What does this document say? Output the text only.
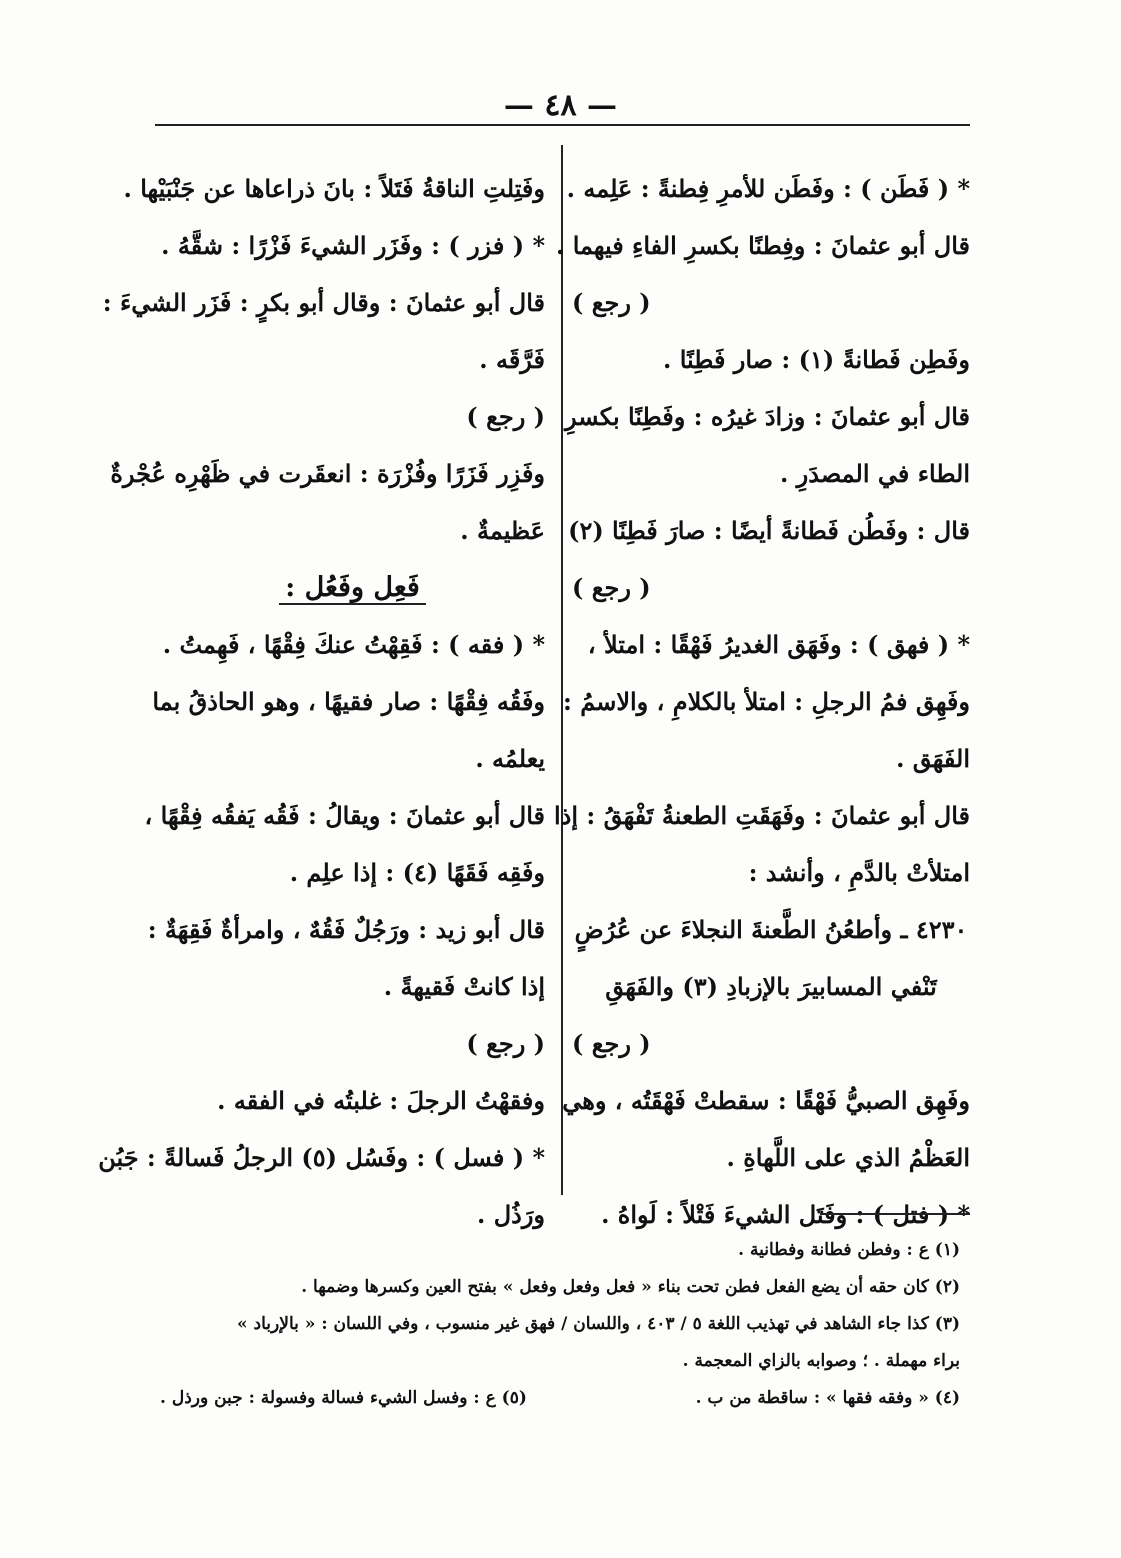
— ٤٨ —
* ( فَطَن ) : وفَطَن للأمرِ فِطنةً : عَلِمه .
قال أبو عثمانَ : وفِطنًا بكسرِ الفاءِ فيهما .
( رجع )
وفَطِن فَطانةً (١) : صار فَطِنًا .
قال أبو عثمانَ : وزادَ غيرُه : وفَطِنًا بكسرِ
الطاء في المصدَرِ .
قال : وفَطُن فَطانةً أيضًا : صارَ فَطِنًا (٢)
( رجع )
* ( فهق ) : وفَهَق الغديرُ فَهْقًا : امتلأ ،
وفَهِق فمُ الرجلِ : امتلأ بالكلامِ ، والاسمُ :
الفَهَق .
قال أبو عثمانَ : وفَهَقَتِ الطعنةُ تَفْهَقُ : إذا
امتلأتْ بالدَّمِ ، وأنشد :
٤٢٣٠ ـ وأطعُنُ الطَّعنةَ النجلاءَ عن عُرُضٍ
تَنْفي المسابيرَ بالإزبادِ (٣) والفَهَقِ
( رجع )
وفَهِق الصبيُّ فَهْقًا : سقطتْ فَهْقَتُه ، وهي
العَظْمُ الذي على اللَّهاةِ .
* ( فتل ) : وفَتَل الشيءَ فَتْلاً : لَواهُ .
وفَتِلتِ الناقةُ فَتَلاً : بانَ ذراعاها عن جَنْبَيْها .
* ( فزر ) : وفَزَر الشيءَ فَزْرًا : شقَّهُ .
قال أبو عثمانَ : وقال أبو بكرٍ : فَزَر الشيءَ :
فَرَّقَه .
( رجع )
وفَزِر فَزَرًا وفُزْرَة : انعقَرت في ظَهْرِه عُجْرةٌ
عَظيمةٌ .
فَعِل وفَعُل :
* ( فقه ) : فَقِهْتُ عنكَ فِقْهًا ، فَهِمتُ .
وفَقُه فِقْهًا : صار فقيهًا ، وهو الحاذقُ بما
يعلمُه .
قال أبو عثمانَ : ويقالُ : فَقُه يَفقُه فِقْهًا ،
وفَقِه فَقَهًا (٤) : إذا علِم .
قال أبو زيد : ورَجُلٌ فَقُهٌ ، وامرأةٌ فَقِهَةٌ :
إذا كانتْ فَقيهةً .
( رجع )
وفقهْتُ الرجلَ : غلبتُه في الفقه .
* ( فسل ) : وفَسُل (٥) الرجلُ فَسالةً : جَبُن
ورَذُل .
(١) ع : وفطن فطانة وفطانية .
(٢) كان حقه أن يضع الفعل فطن تحت بناء « فعل وفعل وفعل » بفتح العين وكسرها وضمها .
(٣) كذا جاء الشاهد في تهذيب اللغة ٥ / ٤٠٣ ، واللسان / فهق غير منسوب ، وفي اللسان : « بالإرباد »
براء مهملة . ؛ وصوابه بالزاي المعجمة .
(٤) « وفقه فقها » : ساقطة من ب .
(٥) ع : وفسل الشيء فسالة وفسولة : جبن ورذل .
